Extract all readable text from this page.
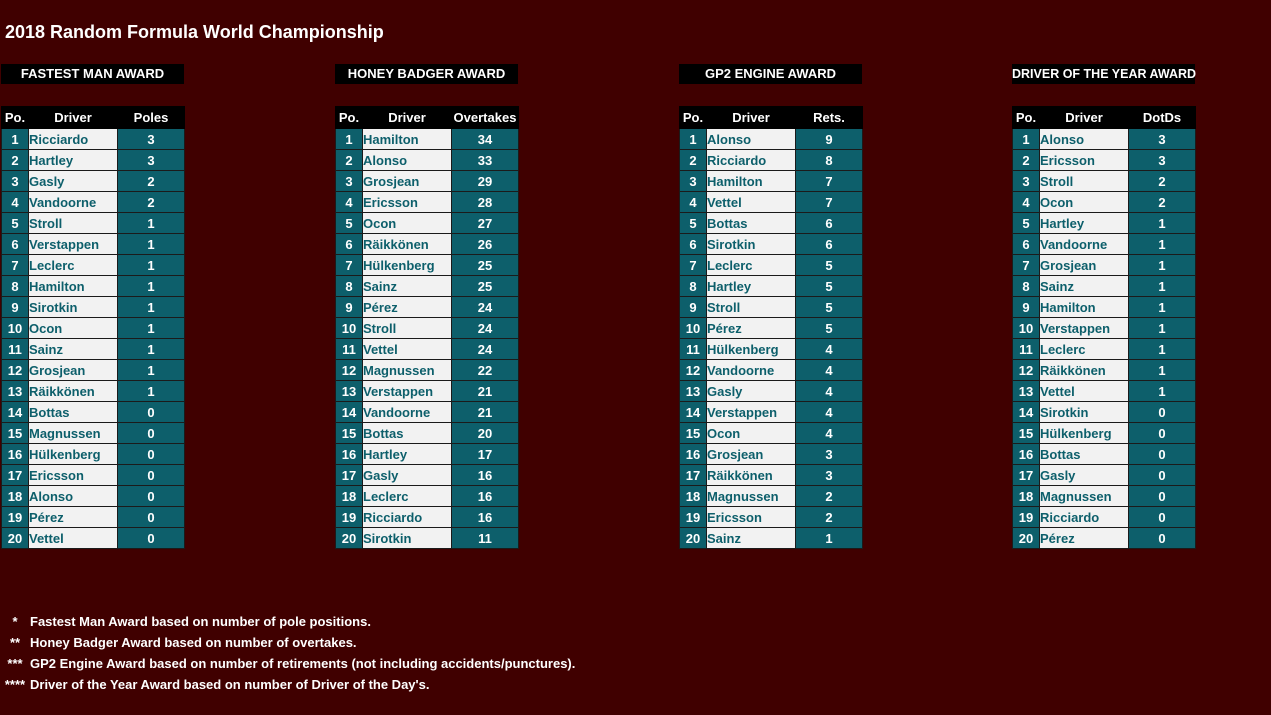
2018 Random Formula World Championship
FASTEST MAN AWARD
Po.	Driver	Poles
1	Ricciardo	3
2	Hartley	3
3	Gasly	2
4	Vandoorne	2
5	Stroll	1
6	Verstappen	1
7	Leclerc	1
8	Hamilton	1
9	Sirotkin	1
10	Ocon	1
11	Sainz	1
12	Grosjean	1
13	Räikkönen	1
14	Bottas	0
15	Magnussen	0
16	Hülkenberg	0
17	Ericsson	0
18	Alonso	0
19	Pérez	0
20	Vettel	0
HONEY BADGER AWARD
Po.	Driver	Overtakes
1	Hamilton	34
2	Alonso	33
3	Grosjean	29
4	Ericsson	28
5	Ocon	27
6	Räikkönen	26
7	Hülkenberg	25
8	Sainz	25
9	Pérez	24
10	Stroll	24
11	Vettel	24
12	Magnussen	22
13	Verstappen	21
14	Vandoorne	21
15	Bottas	20
16	Hartley	17
17	Gasly	16
18	Leclerc	16
19	Ricciardo	16
20	Sirotkin	11
GP2 ENGINE AWARD
Po.	Driver	Rets.
1	Alonso	9
2	Ricciardo	8
3	Hamilton	7
4	Vettel	7
5	Bottas	6
6	Sirotkin	6
7	Leclerc	5
8	Hartley	5
9	Stroll	5
10	Pérez	5
11	Hülkenberg	4
12	Vandoorne	4
13	Gasly	4
14	Verstappen	4
15	Ocon	4
16	Grosjean	3
17	Räikkönen	3
18	Magnussen	2
19	Ericsson	2
20	Sainz	1
DRIVER OF THE YEAR AWARD
Po.	Driver	DotDs
1	Alonso	3
2	Ericsson	3
3	Stroll	2
4	Ocon	2
5	Hartley	1
6	Vandoorne	1
7	Grosjean	1
8	Sainz	1
9	Hamilton	1
10	Verstappen	1
11	Leclerc	1
12	Räikkönen	1
13	Vettel	1
14	Sirotkin	0
15	Hülkenberg	0
16	Bottas	0
17	Gasly	0
18	Magnussen	0
19	Ricciardo	0
20	Pérez	0
* Fastest Man Award based on number of pole positions.
** Honey Badger Award based on number of overtakes.
*** GP2 Engine Award based on number of retirements (not including accidents/punctures).
**** Driver of the Year Award based on number of Driver of the Day's.
